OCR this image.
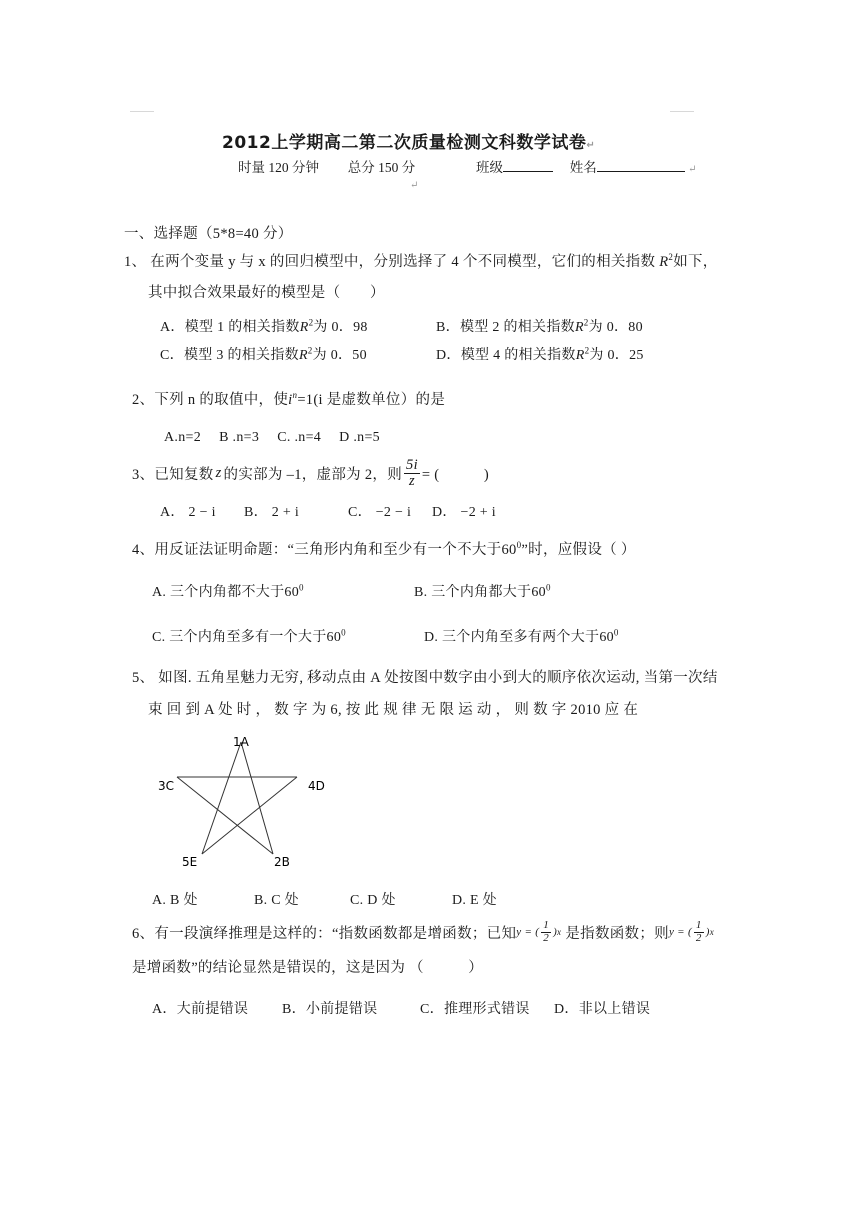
2012上学期高二第二次质量检测文科数学试卷↵
时量 120 分钟 总分 150 分	班级	姓名	↵
↵
一、选择题（5*8=40 分）
1、 在两个变量 y 与 x 的回归模型中，分别选择了 4 个不同模型，它们的相关指数 $R^2$如下，
其中拟合效果最好的模型是（　　）
A．模型 1 的相关指数$R^2$为 0．98	B．模型 2 的相关指数$R^2$为 0．80
C．模型 3 的相关指数$R^2$为 0．50	D．模型 4 的相关指数$R^2$为 0．25
2、下列 n 的取值中，使$i^n=1(i$ 是虚数单位）的是
A.n=2　 B .n=3　 C. .n=4　 D .n=5
3、已知复数 z 的实部为 –1，虚部为 2，则 $\frac{5i}{z}$ = (　　　)
A． 2 − i B． 2 + i	C． −2 − i D． −2 + i
4、用反证法证明命题：“三角形内角和至少有一个不大于$60^0$”时，应假设（ ）
A. 三个内角都不大于$60^0$	B. 三个内角都大于$60^0$
C. 三个内角至多有一个大于$60^0$	D. 三个内角至多有两个大于$60^0$
5、 如图. 五角星魅力无穷, 移动点由 A 处按图中数字由小到大的顺序依次运动, 当第一次结
束 回 到 A 处 时 ， 数 字 为 6, 按 此 规 律 无 限 运 动 ， 则 数 字 2010 应 在
1A
3C	4D
5E	2B
A. B 处	B. C 处	C. D 处	D. E 处
6、有一段演绎推理是这样的：“指数函数都是增函数；已知 y = ( $\frac{1}{2}$ ) x 是指数函数；则 y = ( $\frac{1}{2}$ ) x
是增函数”的结论显然是错误的，这是因为 （　　　）
A．大前提错误 B．小前提错误	C．推理形式错误 D．非以上错误
